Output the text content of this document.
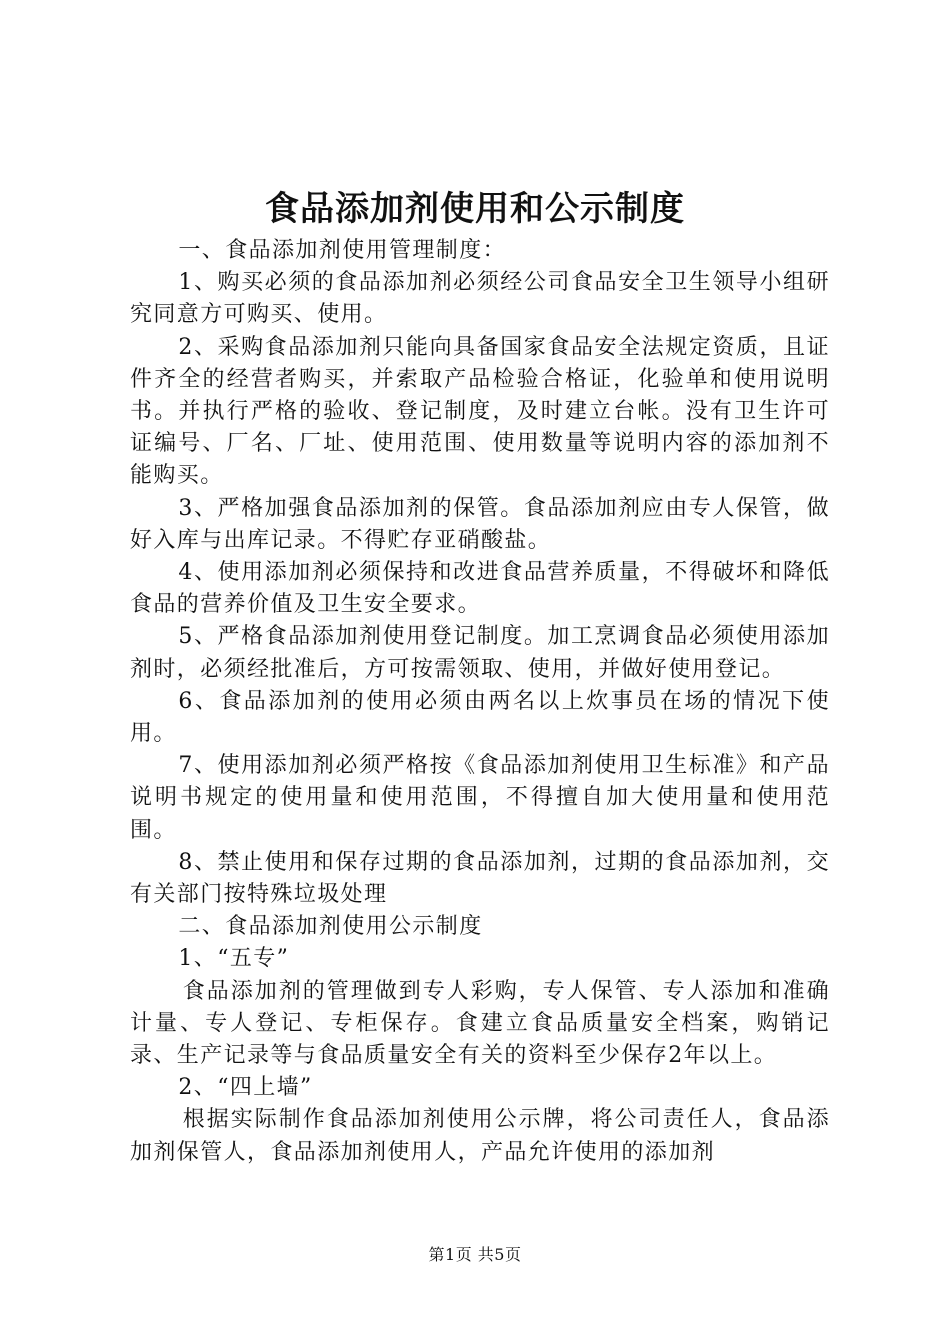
食品添加剂使用和公示制度

一、食品添加剂使用管理制度：

1、购买必须的食品添加剂必须经公司食品安全卫生领导小组研究同意方可购买、使用。

2、采购食品添加剂只能向具备国家食品安全法规定资质，且证件齐全的经营者购买，并索取产品检验合格证，化验单和使用说明书。并执行严格的验收、登记制度，及时建立台帐。没有卫生许可证编号、厂名、厂址、使用范围、使用数量等说明内容的添加剂不能购买。

3、严格加强食品添加剂的保管。食品添加剂应由专人保管，做好入库与出库记录。不得贮存亚硝酸盐。

4、使用添加剂必须保持和改进食品营养质量，不得破坏和降低食品的营养价值及卫生安全要求。

5、严格食品添加剂使用登记制度。加工烹调食品必须使用添加剂时，必须经批准后，方可按需领取、使用，并做好使用登记。

6、食品添加剂的使用必须由两名以上炊事员在场的情况下使用。

7、使用添加剂必须严格按《食品添加剂使用卫生标准》和产品说明书规定的使用量和使用范围，不得擅自加大使用量和使用范围。

8、禁止使用和保存过期的食品添加剂，过期的食品添加剂，交有关部门按特殊垃圾处理

二、食品添加剂使用公示制度

1、“五专”

食品添加剂的管理做到专人彩购，专人保管、专人添加和准确计量、专人登记、专柜保存。食建立食品质量安全档案，购销记录、生产记录等与食品质量安全有关的资料至少保存2年以上。

2、“四上墙”

根据实际制作食品添加剂使用公示牌，将公司责任人，食品添加剂保管人，食品添加剂使用人，产品允许使用的添加剂

第1页 共5页
